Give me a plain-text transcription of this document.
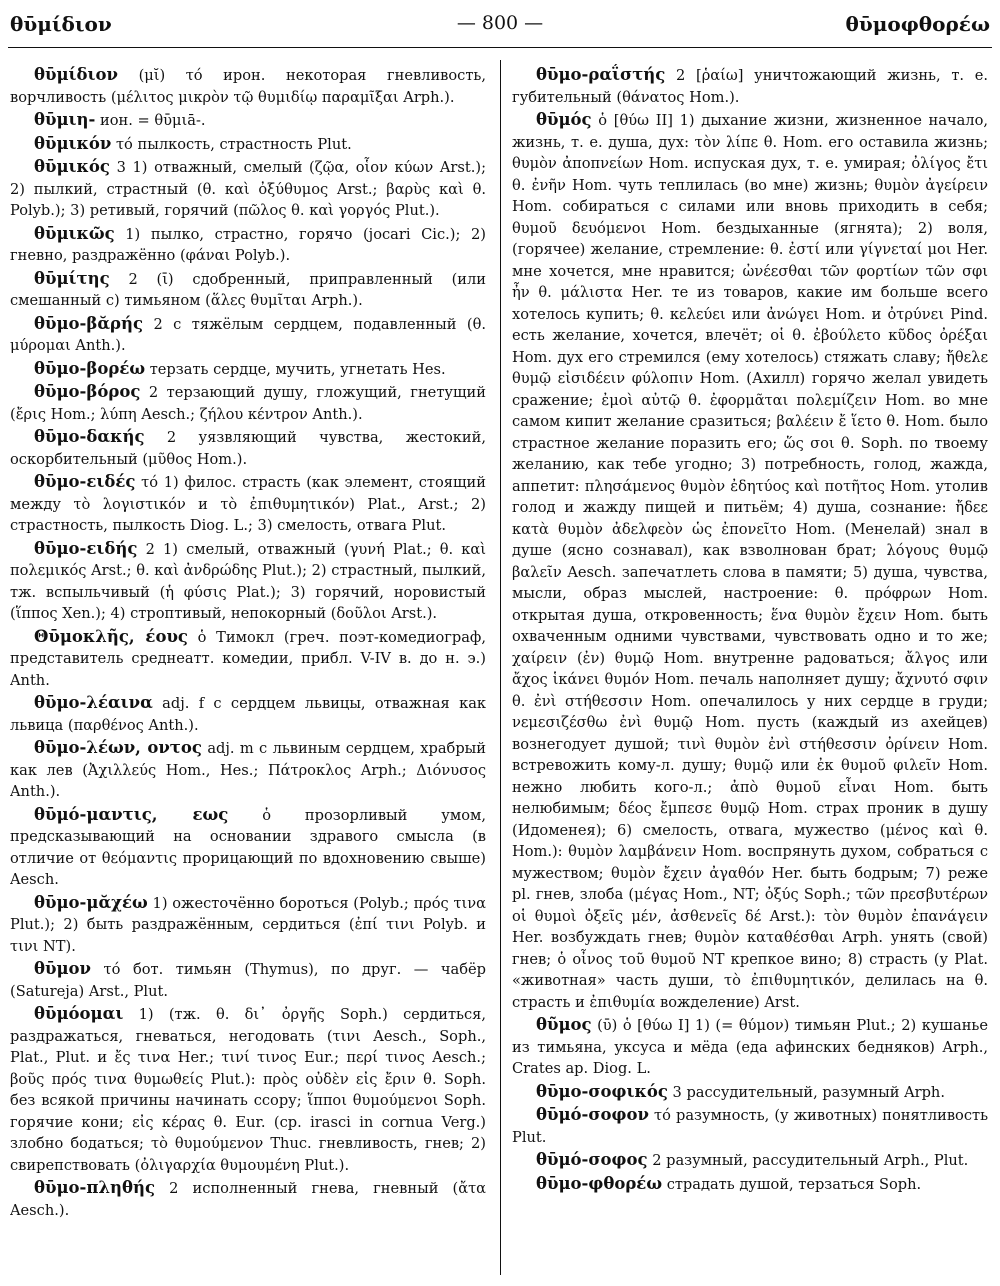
θῡμίδιον	— 800 —	θῡμοφθορέω

θῡμίδιον (μῐ) τό ирон. некоторая гневливость, ворчливость (μέλιτος μικρὸν τῷ θυμιδίῳ παραμῖξαι Arph.).

θῡμιη- ион. = θῡμιā-.

θῡμικόν τό пылкость, страстность Plut.

θῡμικός 3 1) отважный, смелый (ζῷα, οἷον κύων Arst.); 2) пылкий, страстный (θ. καὶ ὀξύθυμος Arst.; βαρὺς καὶ θ. Polyb.); 3) ретивый, горячий (πῶλος θ. καὶ γοργός Plut.).

θῡμικῶς 1) пылко, страстно, горячо (jocari Cic.); 2) гневно, раздражённо (φάναι Polyb.).

θῡμίτης 2 (ῑ) сдобренный, приправленный (или смешанный с) тимьяном (ἅλες θυμῖται Arph.).

θῡμο-βᾰρής 2 с тяжёлым сердцем, подавленный (θ. μύρομαι Anth.).

θῡμο-βορέω терзать сердце, мучить, угнетать Hes.

θῡμο-βόρος 2 терзающий душу, гложущий, гнетущий (ἔρις Hom.; λύπη Aesch.; ζήλου κέντρον Anth.).

θῡμο-δακής 2 уязвляющий чувства, жестокий, оскорбительный (μῦθος Hom.).

θῡμο-ειδές τό 1) филос. страсть (как элемент, стоящий между τὸ λογιστικόν и τὸ ἐπιθυμητικόν) Plat., Arst.; 2) страстность, пылкость Diog. L.; 3) смелость, отвага Plut.

θῡμο-ειδής 2 1) смелый, отважный (γυνή Plat.; θ. καὶ πολεμικός Arst.; θ. καὶ ἀνδρώδης Plut.); 2) страстный, пылкий, тж. вспыльчивый (ἡ φύσις Plat.); 3) горячий, норовистый (ἵππος Xen.); 4) строптивый, непокорный (δοῦλοι Arst.).

Θῡμοκλῆς, έους ὁ Тимокл (греч. поэт-комедиограф, представитель среднеатт. комедии, прибл. V-IV в. до н. э.) Anth.

θῡμο-λέαινα adj. f с сердцем львицы, отважная как львица (παρθένος Anth.).

θῡμο-λέων, οντος adj. m с львиным сердцем, храбрый как лев (Ἀχιλλεύς Hom., Hes.; Πάτροκλος Arph.; Διόνυσος Anth.).

θῡμό-μαντις, εως ὁ прозорливый умом, предсказывающий на основании здравого смысла (в отличие от θεόμαντις прорицающий по вдохновению свыше) Aesch.

θῡμο-μᾰχέω 1) ожесточённо бороться (Polyb.; πρός τινα Plut.); 2) быть раздражённым, сердиться (ἐπί τινι Polyb. и τινι NT).

θῡμον τό бот. тимьян (Thymus), по друг. — чабёр (Satureja) Arst., Plut.

θῡμόομαι 1) (тж. θ. δι᾽ ὀργῆς Soph.) сердиться, раздражаться, гневаться, негодовать (τινι Aesch., Soph., Plat., Plut. и ἔς τινα Her.; τινί τινος Eur.; περί τινος Aesch.; βοῦς πρός τινα θυμωθείς Plut.): πρὸς οὐδὲν εἰς ἔριν θ. Soph. без всякой причины начинать ссору; ἵπποι θυμούμενοι Soph. горячие кони; εἰς κέρας θ. Eur. (ср. irasci in cornua Verg.) злобно бодаться; τὸ θυμούμενον Thuc. гневливость, гнев; 2) свирепствовать (ὀλιγαρχία θυμουμένη Plut.).

θῡμο-πληθής 2 исполненный гнева, гневный (ἄτα Aesch.).

θῡμο-ραΐστής 2 [ῥαίω] уничтожающий жизнь, т. е. губительный (θάνατος Hom.).

θῡμός ὁ [θύω II] 1) дыхание жизни, жизненное начало, жизнь, т. е. душа, дух: τὸν λίπε θ. Hom. его оставила жизнь; θυμὸν ἀποπνείων Hom. испуская дух, т. е. умирая; ὀλίγος ἔτι θ. ἐνῆν Hom. чуть теплилась (во мне) жизнь; θυμὸν ἀγείρειν Hom. собираться с силами или вновь приходить в себя; θυμοῦ δευόμενοι Hom. бездыханные (ягнята); 2) воля, (горячее) желание, стремление: θ. ἐστί или γίγνεταί μοι Her. мне хочется, мне нравится; ὠνέεσθαι τῶν φορτίων τῶν σφι ἦν θ. μάλιστα Her. те из товаров, какие им больше всего хотелось купить; θ. κελεύει или ἀνώγει Hom. и ὀτρύνει Pind. есть желание, хочется, влечёт; οἱ θ. ἐβούλετο κῦδος ὀρέξαι Hom. дух его стремился (ему хотелось) стяжать славу; ἤθελε θυμῷ εἰσιδέειν φύλοπιν Hom. (Ахилл) горячо желал увидеть сражение; ἐμοὶ αὐτῷ θ. ἐφορμᾶται πολεμίζειν Hom. во мне самом кипит желание сразиться; βαλέειν ἔ ἵετο θ. Hom. было страстное желание поразить его; ὥς σοι θ. Soph. по твоему желанию, как тебе угодно; 3) потребность, голод, жажда, аппетит: πλησάμενος θυμὸν ἐδητύος καὶ ποτῆτος Hom. утолив голод и жажду пищей и питьём; 4) душа, сознание: ἤδεε κατὰ θυμὸν ἀδελφεὸν ὡς ἐπονεῖτο Hom. (Менелай) знал в душе (ясно сознавал), как взволнован брат; λόγους θυμῷ βαλεῖν Aesch. запечатлеть слова в памяти; 5) душа, чувства, мысли, образ мыслей, настроение: θ. πρόφρων Hom. открытая душа, откровенность; ἕνα θυμὸν ἔχειν Hom. быть охваченным одними чувствами, чувствовать одно и то же; χαίρειν (ἐν) θυμῷ Hom. внутренне радоваться; ἄλγος или ἄχος ἱκάνει θυμόν Hom. печаль наполняет душу; ἄχνυτό σφιν θ. ἐνὶ στήθεσσιν Hom. опечалилось у них сердце в груди; νεμεσιζέσθω ἐνὶ θυμῷ Hom. пусть (каждый из ахейцев) вознегодует душой; τινὶ θυμὸν ἐνὶ στήθεσσιν ὀρίνειν Hom. встревожить кому-л. душу; θυμῷ или ἐκ θυμοῦ φιλεῖν Hom. нежно любить кого-л.; ἀπὸ θυμοῦ εἶναι Hom. быть нелюбимым; δέος ἔμπεσε θυμῷ Hom. страх проник в душу (Идоменея); 6) смелость, отвага, мужество (μένος καὶ θ. Hom.): θυμὸν λαμβάνειν Hom. воспрянуть духом, собраться с мужеством; θυμὸν ἔχειν ἀγαθόν Her. быть бодрым; 7) реже pl. гнев, злоба (μέγας Hom., NT; ὀξύς Soph.; τῶν πρεσβυτέρων οἱ θυμοὶ ὀξεῖς μέν, ἀσθενεῖς δέ Arst.): τὸν θυμὸν ἐπανάγειν Her. возбуждать гнев; θυμὸν καταθέσθαι Arph. унять (свой) гнев; ὁ οἶνος τοῦ θυμοῦ NT крепкое вино; 8) страсть (у Plat. «животная» часть души, τὸ ἐπιθυμητικόν, делилась на θ. страсть и ἐπιθυμία вожделение) Arst.

θῦμος (ῡ) ὁ [θύω I] 1) (= θύμον) тимьян Plut.; 2) кушанье из тимьяна, уксуса и мёда (еда афинских бедняков) Arph., Crates ap. Diog. L.

θῡμο-σοφικός 3 рассудительный, разумный Arph.

θῡμό-σοφον τό разумность, (у животных) понятливость Plut.

θῡμό-σοφος 2 разумный, рассудительный Arph., Plut.

θῡμο-φθορέω страдать душой, терзаться Soph.
